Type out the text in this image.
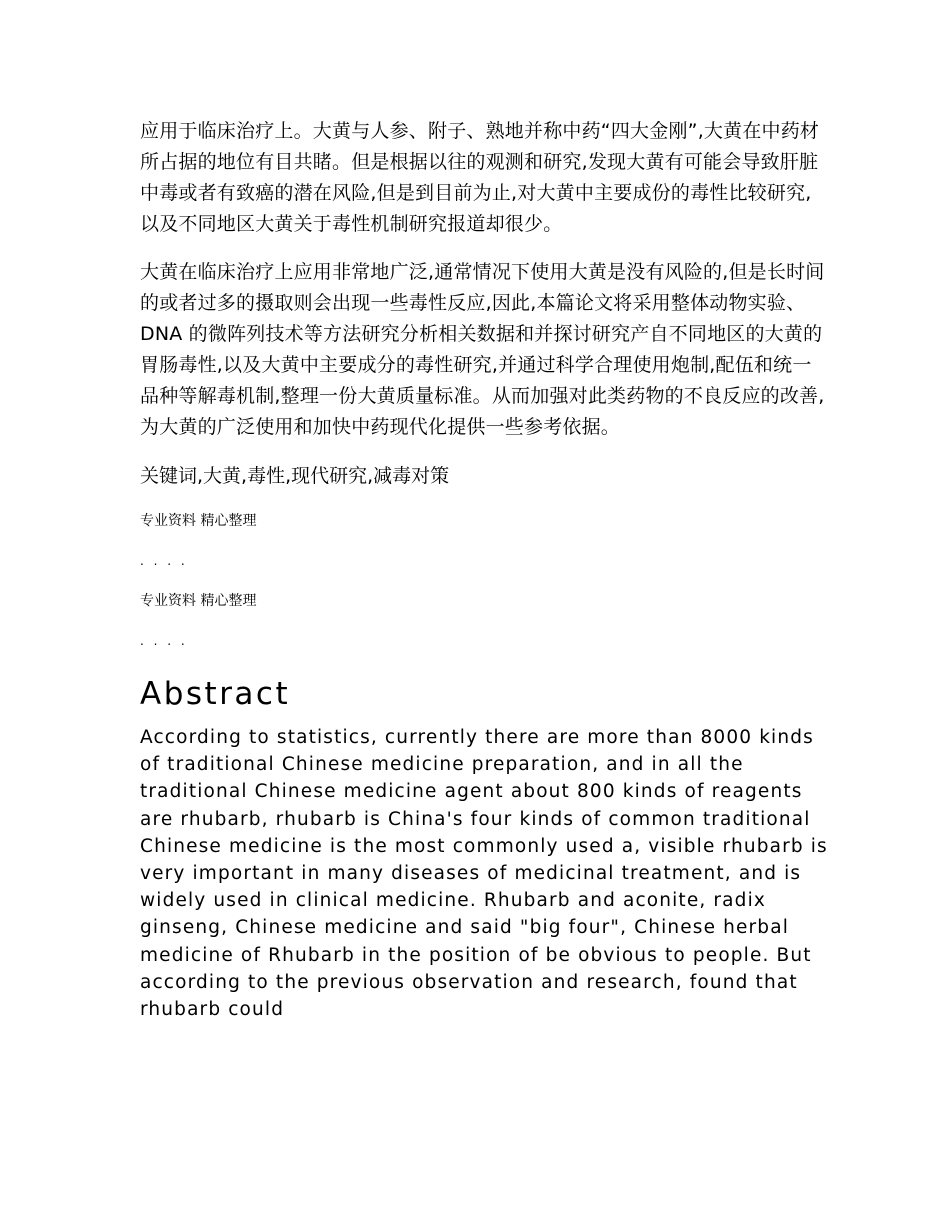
应用于临床治疗上。大黄与人参、附子、熟地并称中药“四大金刚”,大黄在中药材所占据的地位有目共睹。但是根据以往的观测和研究,发现大黄有可能会导致肝脏中毒或者有致癌的潜在风险,但是到目前为止,对大黄中主要成份的毒性比较研究,以及不同地区大黄关于毒性机制研究报道却很少。

大黄在临床治疗上应用非常地广泛,通常情况下使用大黄是没有风险的,但是长时间的或者过多的摄取则会出现一些毒性反应,因此,本篇论文将采用整体动物实验、DNA 的微阵列技术等方法研究分析相关数据和并探讨研究产自不同地区的大黄的胃肠毒性,以及大黄中主要成分的毒性研究,并通过科学合理使用炮制,配伍和统一品种等解毒机制,整理一份大黄质量标准。从而加强对此类药物的不良反应的改善,为大黄的广泛使用和加快中药现代化提供一些参考依据。

关键词,大黄,毒性,现代研究,减毒对策

专业资料 精心整理

. . . .

专业资料 精心整理

. . . .

Abstract

According to statistics, currently there are more than 8000 kinds of traditional Chinese medicine preparation, and in all the traditional Chinese medicine agent about 800 kinds of reagents are rhubarb, rhubarb is China's four kinds of common traditional Chinese medicine is the most commonly used a, visible rhubarb is very important in many diseases of medicinal treatment, and is widely used in clinical medicine. Rhubarb and aconite, radix ginseng, Chinese medicine and said "big four", Chinese herbal medicine of Rhubarb in the position of be obvious to people. But according to the previous observation and research, found that rhubarb could
